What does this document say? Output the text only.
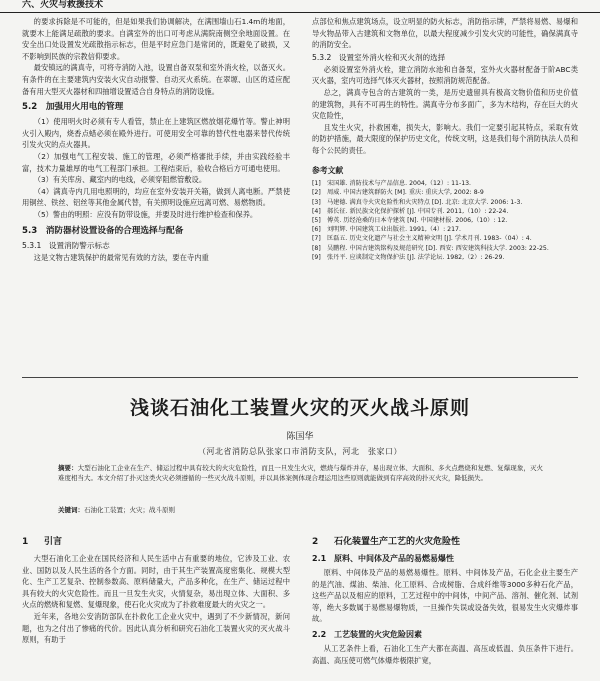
六、火灾与救援技术

的要求拆除是不可能的，但是如果我们协调解决，在满围墙山石1.4m的地面，就要木上能满足疏散的要求。自满室外的出口可考虑从满院南侧空余地面设置。在安全出口处设置发光疏散指示标志，但是平时应急门是常闭的，既避免了破损，又不影响到民族的宗教信仰要求。

最安镇远的满真寺，可将寺消防入池，设置自备双泵和室外消火栓，以备灭火。有条件的在主要建筑内安装火灾自动报警、自动灭火系统。在翠塬、山区的适应配备有用大型灭火器材和四抽增设置适合自身特点的消防设施。

5.2　加强用火用电的管理

（1）使用明火时必须有专人看管，禁止在上建筑区燃放烟花爆竹等。警止神明火引入殿内，烧香点蜡必须在殿外进行。可使用安全可靠的替代性电器来替代传统引发火灾的点火器具。

（2）加强电气工程安装、施工的管理，必须严格審批手续，并由实践经验丰富，技术力量雄厚的电气工程部门承担。工程结束后，验收合格后方可通电使用。

（3）有关库房、藏室内的电线，必须穿阻燃管敷设。

（4）满真寺内几用电照明的，均应在室外安装开关箱，做到人离电断。严禁使用铜丝、铁丝、铝丝等其他金属代替，有关照明设施应远离可燃、易燃物质。

（5）警由的明照：应没有防带设施，并要及时进行维护检查和保养。

5.3　消防器材设置设备的合理选择与配备
5.3.1　设置消防警示标志

这是文物古建筑保护的最常见有效的方法，要在寺内重

点部位和焦点建筑场点，设立明显的防火标志，消防指示牌，严禁将易燃、易爆和导火物品带入古建筑和文物单位，以最大程度减少引发火灾的可能性，确保满真寺的消防安全。

5.3.2　设置室外消火栓和灭火剂的选择

必须设置室外消火栓，建立消防水池和自备泵，室外火火器材配备于阶ABC类灭火器，室内可选择气体灭火器材，按照消防规范配备。

总之，满真寺包含的古建筑的一类，是历史遗留具有极高文物价值和历史价值的建筑物，具有不可再生的特性。满真寺分布多面广，多为木结构，存在巨大的火灾危险性，

且发生火灾，扑救困难，损失大，影响大。我们一定要引起其特点，采取有效的防护措施，最大限度的保护历史文化，传统文明，这是我们每个消防执法人员和每个公民的责任。

参考文献
[1]　宋国雄. 消防技术与产品信息. 2004,（12）: 11-13.
[2]　周威. 中国古建筑群防火 [M]. 重庆: 重庆大学, 2002: 8-9
[3]　马建德. 满真寺火灾危险性和火灾特点 [D]. 北京: 北京大学. 2006: 1-3.
[4]　郝长征. 新民族文化保护探析 [J]. 中国专刊. 2011,（10）: 22-24.
[5]　傅英. 历经沧桑的日本寺建筑 [N]. 中国建材报. 2006,（10）: 12.
[6]　刘明辉. 中国建筑工业出版社. 1991,（4）: 217.
[7]　匡磊五. 历史文化遗产与社会主义精神文明 [J]. 学术月刊. 1983-（04）: 4.
[8]　吴鹏程. 中国古建筑铭构及规范研究 [D]. 西安: 西安建筑科技大学. 2003: 22-25.
[9]　张丹平. 应谈制定文物保护法 [J]. 法学论坛. 1982,（2）: 26-29.
浅谈石油化工装置火灾的灭火战斗原则
陈国华
（河北省消防总队张家口市消防支队，河北　张家口）
摘要：大型石油化工企业在生产、储运过程中具有较大的火灾危险性，而且一旦发生火灾，燃烧与爆炸并存，易出现立体、大面积、多火点燃烧和复燃、复爆现象，灭火难度相当大。本文介绍了扑灭这类火灾必须遵循的一些灭火战斗原则，并以具体案例体现合理运用这些原则就能做到有序高效的扑灭火灾，降低损失。
关键词：石油化工装置；火灾；战斗原则
1 引言

大型石油化工企业在国民经济和人民生活中占有重要的地位，它涉及工业、农业、国防以及人民生活的各个方面。同时，由于其生产装置高度密集化、规模大型化、生产工艺复杂、控制参数高、原料储量大，产品多种化，在生产、储运过程中具有较大的火灾危险性。而且一旦发生火灾，火情复杂，易出现立体、大面积、多火点的燃烧和复燃、复爆现象，使石化火灾成为了扑救难度最大的火灾之一。

近年来，各地公安消防部队在扑救化工企业火灾中，遇到了不少新情况，新问题，也为之付出了惨痛的代价。因此认真分析和研究石油化工装置火灾的灭火战斗原则，有助于

2 石化装置生产工艺的火灾危险性
2.1 原料、中间体及产品的易燃易爆性

原料、中间体及产品的易燃易爆性。原料、中间体及产品，石化企业主要生产的是汽油、煤油、柴油、化工原料、合成树脂、合成纤维等3000多种石化产品，这些产品以及相应的原料，工艺过程中的中间体，中间产品、溶剂、催化剂、试剂等，绝大多数属于易燃易爆物质，一旦操作失误或设备失效，很易发生火灾爆炸事故。

2.2 工艺装置的火灾危险因素

从工艺条件上看，石油化工生产大都在高温、高压或低温、负压条件下进行。高温、高压使可燃气体爆炸极限扩宽，
